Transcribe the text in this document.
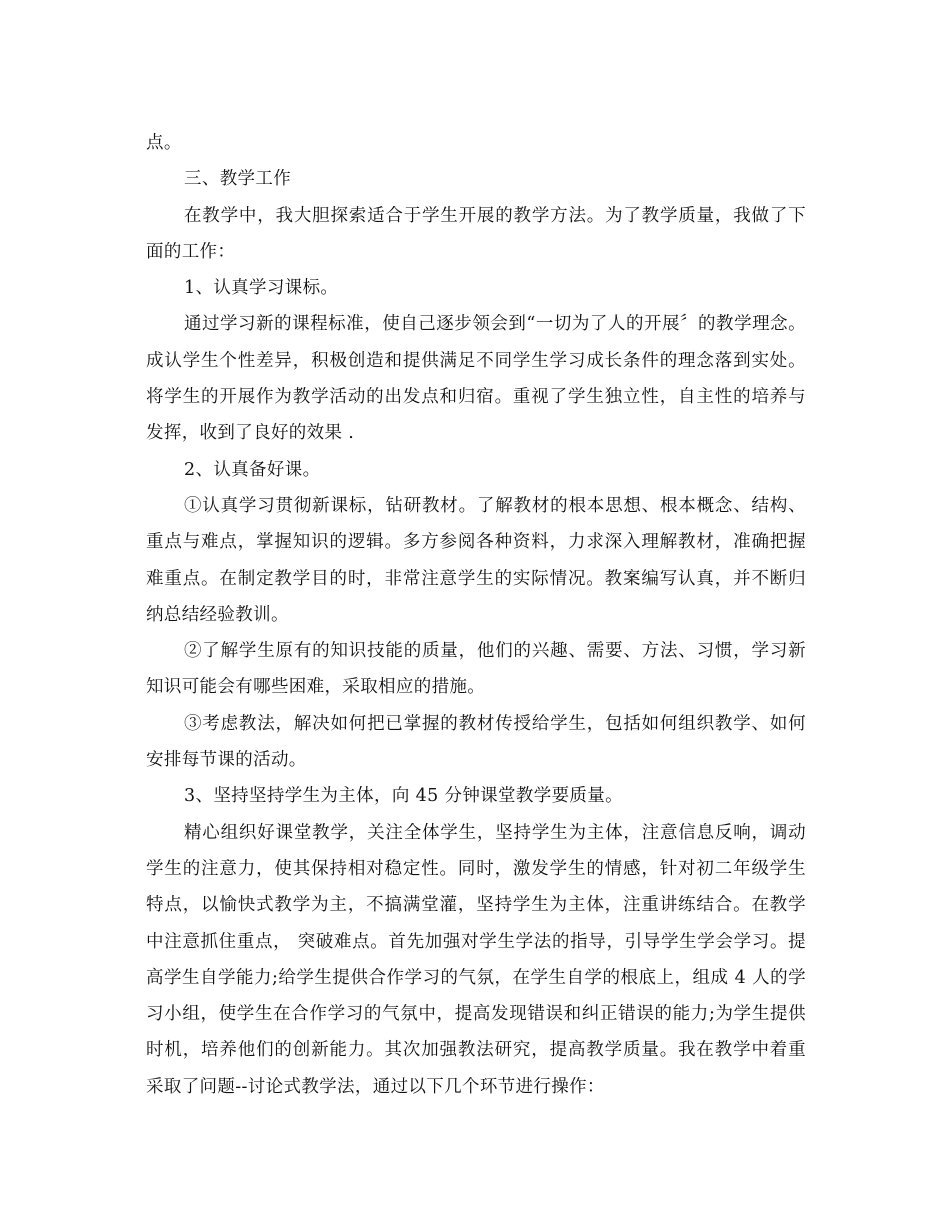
点。

三、教学工作

在教学中，我大胆探索适合于学生开展的教学方法。为了教学质量，我做了下面的工作：

1、认真学习课标。

通过学习新的课程标准，使自己逐步领会到“一切为了人的开展〞的教学理念。成认学生个性差异，积极创造和提供满足不同学生学习成长条件的理念落到实处。将学生的开展作为教学活动的出发点和归宿。重视了学生独立性，自主性的培养与发挥，收到了良好的效果 .

2、认真备好课。

①认真学习贯彻新课标，钻研教材。了解教材的根本思想、根本概念、结构、重点与难点，掌握知识的逻辑。多方参阅各种资料，力求深入理解教材，准确把握难重点。在制定教学目的时，非常注意学生的实际情况。教案编写认真，并不断归纳总结经验教训。

②了解学生原有的知识技能的质量，他们的兴趣、需要、方法、习惯，学习新知识可能会有哪些困难，采取相应的措施。

③考虑教法，解决如何把已掌握的教材传授给学生，包括如何组织教学、如何安排每节课的活动。

3、坚持坚持学生为主体，向 45 分钟课堂教学要质量。

精心组织好课堂教学，关注全体学生，坚持学生为主体，注意信息反响，调动学生的注意力，使其保持相对稳定性。同时，激发学生的情感，针对初二年级学生特点，以愉快式教学为主，不搞满堂灌，坚持学生为主体，注重讲练结合。在教学中注意抓住重点， 突破难点。首先加强对学生学法的指导，引导学生学会学习。提高学生自学能力;给学生提供合作学习的气氛，在学生自学的根底上，组成 4 人的学习小组，使学生在合作学习的气氛中，提高发现错误和纠正错误的能力;为学生提供时机，培养他们的创新能力。其次加强教法研究，提高教学质量。我在教学中着重采取了问题--讨论式教学法，通过以下几个环节进行操作：
